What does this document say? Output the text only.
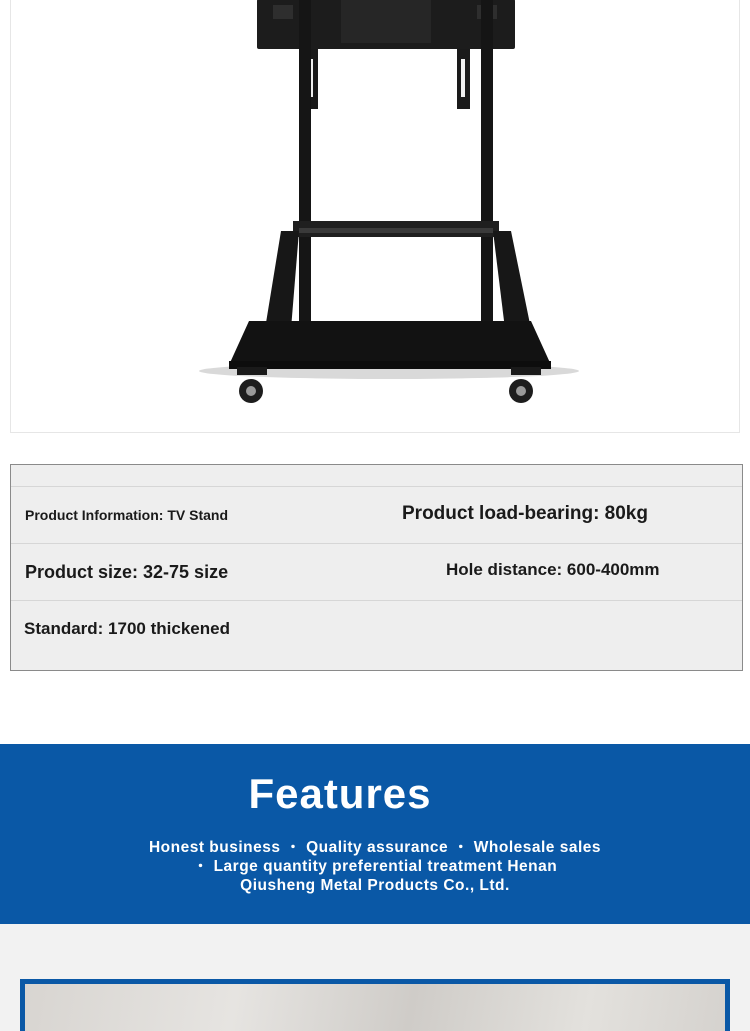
Product Information: TV Stand	Product load-bearing: 80kg
Product size: 32-75 size	Hole distance: 600-400mm
Standard: 1700 thickened
Features
Honest business ・ Quality assurance ・ Wholesale sales
・ Large quantity preferential treatment Henan
Qiusheng Metal Products Co., Ltd.
